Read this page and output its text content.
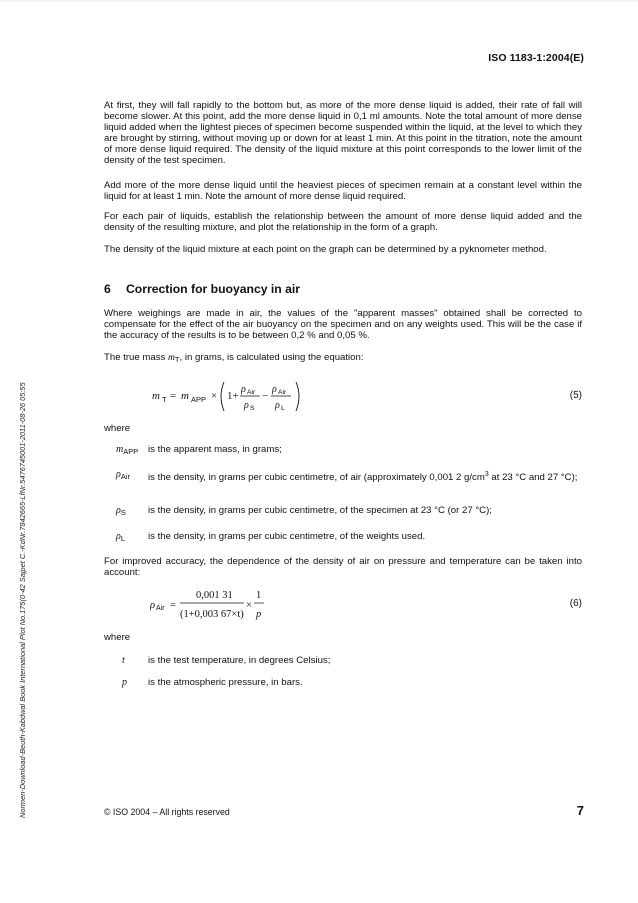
ISO 1183-1:2004(E)
At first, they will fall rapidly to the bottom but, as more of the more dense liquid is added, their rate of fall will become slower. At this point, add the more dense liquid in 0,1 ml amounts. Note the total amount of more dense liquid added when the lightest pieces of specimen become suspended within the liquid, at the level to which they are brought by stirring, without moving up or down for at least 1 min. At this point in the titration, note the amount of more dense liquid required. The density of the liquid mixture at this point corresponds to the lower limit of the density of the test specimen.
Add more of the more dense liquid until the heaviest pieces of specimen remain at a constant level within the liquid for at least 1 min. Note the amount of more dense liquid required.
For each pair of liquids, establish the relationship between the amount of more dense liquid added and the density of the resulting mixture, and plot the relationship in the form of a graph.
The density of the liquid mixture at each point on the graph can be determined by a pyknometer method.
6 Correction for buoyancy in air
Where weighings are made in air, the values of the "apparent masses" obtained shall be corrected to compensate for the effect of the air buoyancy on the specimen and on any weights used. This will be the case if the accuracy of the results is to be between 0,2 % and 0,05 %.
The true mass $m_T$, in grams, is calculated using the equation:
m T = m APP × 1+
ρ Air
ρ S
−
ρ Air
ρ L
(5)
where
$m_{APP}$ is the apparent mass, in grams;
$\rho_{Air}$ is the density, in grams per cubic centimetre, of air (approximately 0,001 2 $g/cm^3$ at 23 °C and 27 °C);
$\rho_S$ is the density, in grams per cubic centimetre, of the specimen at 23 °C (or 27 °C);
$\rho_L$ is the density, in grams per cubic centimetre, of the weights used.
For improved accuracy, the dependence of the density of air on pressure and temperature can be taken into account:
ρ Air =
0,001 31
(1+0,003 67×t)
×
1
p
(6)
where
t is the test temperature, in degrees Celsius;
p is the atmospheric pressure, in bars.
© ISO 2004 – All rights reserved	7
Normen-Download-Beuth-Kabdwal Book International Plot No.175(0-42 Sajpet C.-KdNr.7842665-LfNr.5476745001-2011-08-26 05:55
